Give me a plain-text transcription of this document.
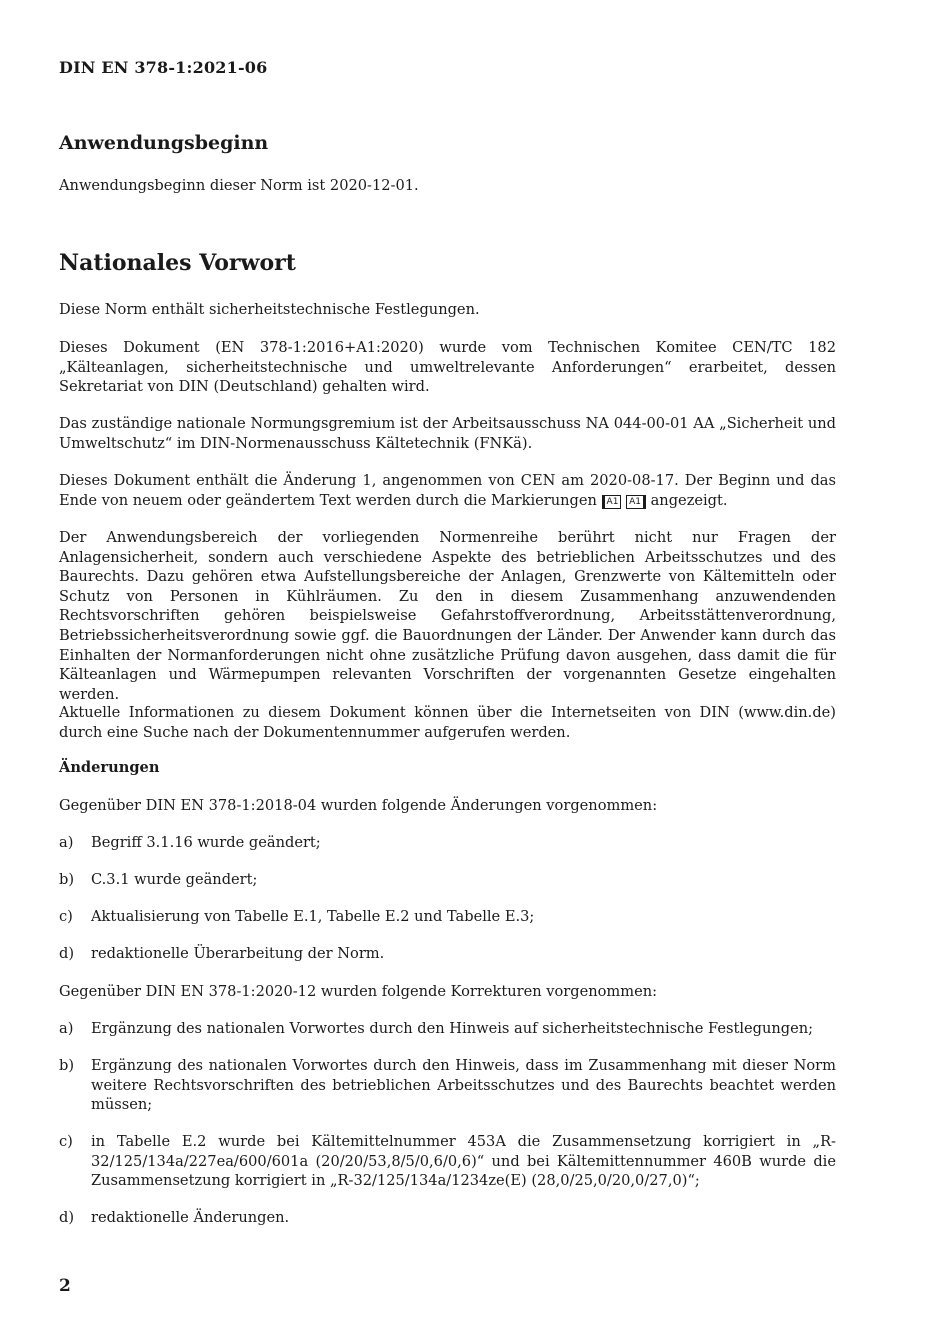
DIN EN 378-1:2021-06
Anwendungsbeginn
Anwendungsbeginn dieser Norm ist 2020-12-01.
Nationales Vorwort
Diese Norm enthält sicherheitstechnische Festlegungen.
Dieses Dokument (EN 378-1:2016+A1:2020) wurde vom Technischen Komitee CEN/TC 182 „Kälteanlagen, sicherheitstechnische und umweltrelevante Anforderungen“ erarbeitet, dessen Sekretariat von DIN (Deutschland) gehalten wird.
Das zuständige nationale Normungsgremium ist der Arbeitsausschuss NA 044-00-01 AA „Sicherheit und Umweltschutz“ im DIN-Normenausschuss Kältetechnik (FNKä).
Dieses Dokument enthält die Änderung 1, angenommen von CEN am 2020-08-17. Der Beginn und das Ende von neuem oder geändertem Text werden durch die Markierungen A1 A1 angezeigt.
Der Anwendungsbereich der vorliegenden Normenreihe berührt nicht nur Fragen der Anlagensicherheit, sondern auch verschiedene Aspekte des betrieblichen Arbeitsschutzes und des Baurechts. Dazu gehören etwa Aufstellungsbereiche der Anlagen, Grenzwerte von Kältemitteln oder Schutz von Personen in Kühlräumen. Zu den in diesem Zusammenhang anzuwendenden Rechtsvorschriften gehören beispielsweise Gefahrstoffverordnung, Arbeitsstättenverordnung, Betriebssicherheitsverordnung sowie ggf. die Bauordnungen der Länder. Der Anwender kann durch das Einhalten der Normanforderungen nicht ohne zusätzliche Prüfung davon ausgehen, dass damit die für Kälteanlagen und Wärmepumpen relevanten Vorschriften der vorgenannten Gesetze eingehalten werden.
Aktuelle Informationen zu diesem Dokument können über die Internetseiten von DIN (www.din.de) durch eine Suche nach der Dokumentennummer aufgerufen werden.
Änderungen
Gegenüber DIN EN 378-1:2018-04 wurden folgende Änderungen vorgenommen:
a) Begriff 3.1.16 wurde geändert;
b) C.3.1 wurde geändert;
c) Aktualisierung von Tabelle E.1, Tabelle E.2 und Tabelle E.3;
d) redaktionelle Überarbeitung der Norm.
Gegenüber DIN EN 378-1:2020-12 wurden folgende Korrekturen vorgenommen:
a) Ergänzung des nationalen Vorwortes durch den Hinweis auf sicherheitstechnische Festlegungen;
b) Ergänzung des nationalen Vorwortes durch den Hinweis, dass im Zusammenhang mit dieser Norm weitere Rechtsvorschriften des betrieblichen Arbeitsschutzes und des Baurechts beachtet werden müssen;
c) in Tabelle E.2 wurde bei Kältemittelnummer 453A die Zusammensetzung korrigiert in „R-32/125/134a/227ea/600/601a (20/20/53,8/5/0,6/0,6)“ und bei Kältemittennummer 460B wurde die Zusammensetzung korrigiert in „R-32/125/134a/1234ze(E) (28,0/25,0/20,0/27,0)“;
d) redaktionelle Änderungen.
2
